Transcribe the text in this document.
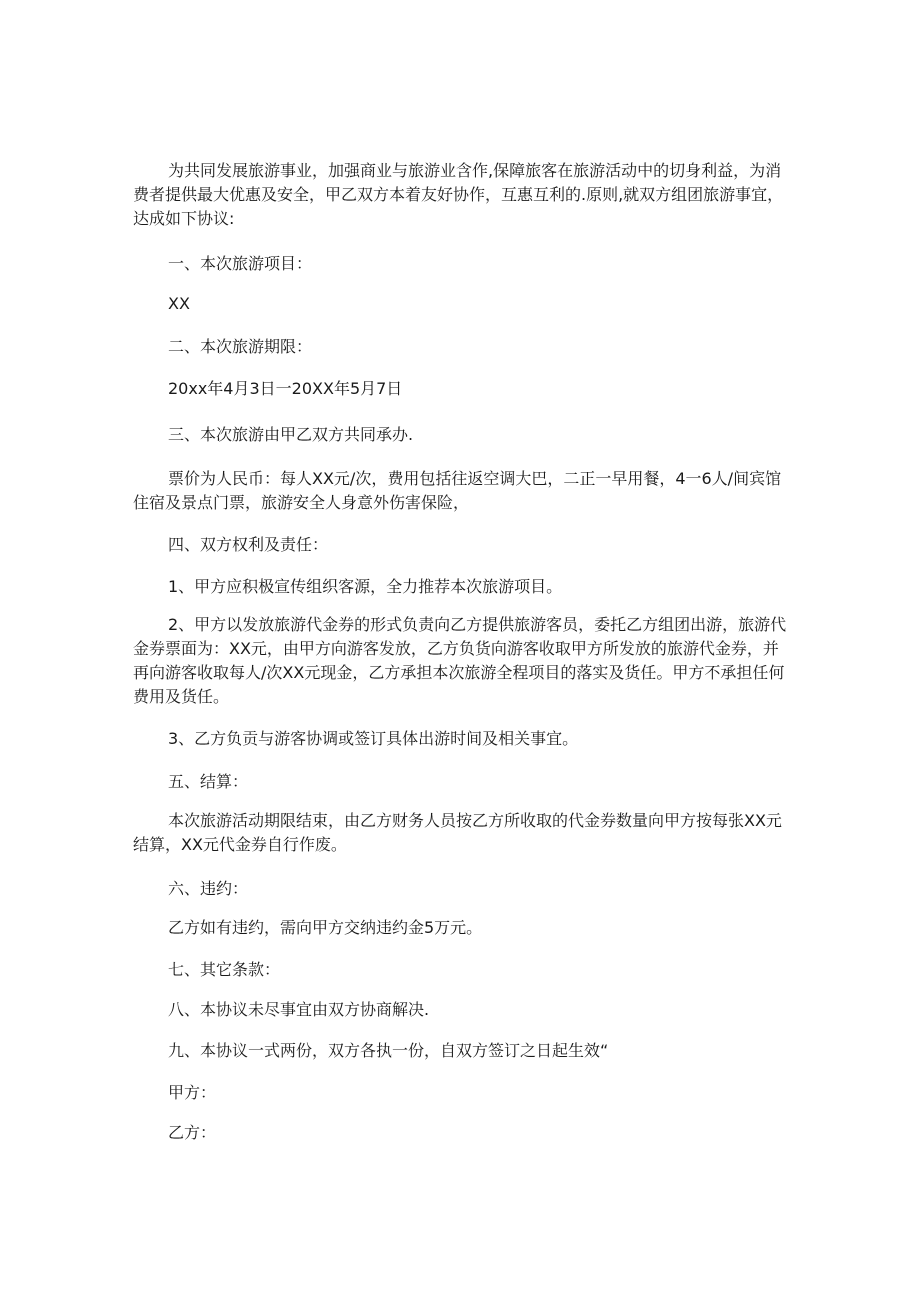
为共同发展旅游事业，加强商业与旅游业含作,保障旅客在旅游活动中的切身利益，为消费者提供最大优惠及安全，甲乙双方本着友好协作，互惠互利的.原则,就双方组团旅游事宜，达成如下协议:

一、本次旅游项目：

XX

二、本次旅游期限：

20xx年4月3日一20XX年5月7日

三、本次旅游由甲乙双方共同承办.

票价为人民币：每人XX元/次，费用包括往返空调大巴，二正一早用餐，4一6人/间宾馆住宿及景点门票，旅游安全人身意外伤害保险，

四、双方权利及责任：

1、甲方应积极宣传组织客源，全力推荐本次旅游项目。

2、甲方以发放旅游代金券的形式负责向乙方提供旅游客员，委托乙方组团出游，旅游代金券票面为：XX元，由甲方向游客发放，乙方负货向游客收取甲方所发放的旅游代金券，并再向游客收取每人/次XX元现金，乙方承担本次旅游全程项目的落实及货任。甲方不承担任何费用及货任。

3、乙方负贡与游客协调或签订具体出游时间及相关事宜。

五、结算：

本次旅游活动期限结束，由乙方财务人员按乙方所收取的代金券数量向甲方按每张XX元结算，XX元代金券自行作废。

六、违约：

乙方如有违约，需向甲方交纳违约金5万元。

七、其它条款：

八、本协议未尽事宜由双方协商解决.

九、本协议一式两份，双方各执一份，自双方签订之日起生效“

甲方：

乙方：
